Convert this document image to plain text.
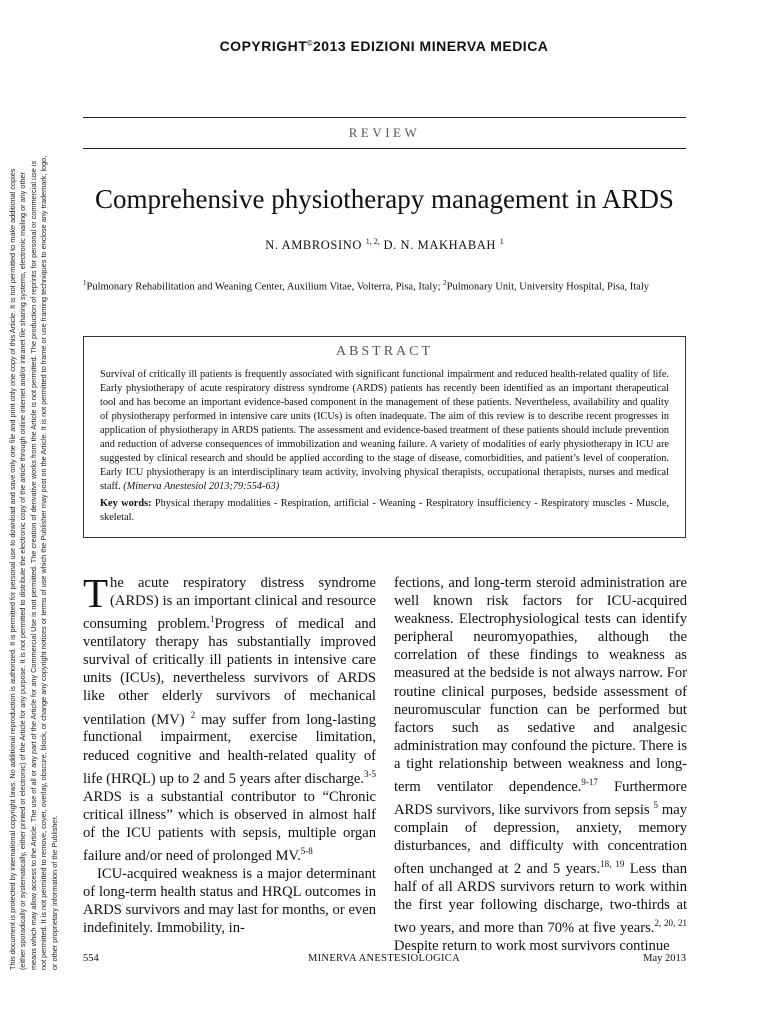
COPYRIGHT©2013 EDIZIONI MINERVA MEDICA
This document is protected by international copyright laws. No additional reproduction is authorized. It is permitted for personal use to download and save only one file and print only one copy of this Article. It is not permitted to make additional copies (either sporadically or systematically, either printed or electronic) of the Article for any purpose. It is not permitted to distribute the electronic copy of the article through online internet and/or intranet file sharing systems, electronic mailing or any other means which may allow access to the Article. The use of all or any part of the Article for any Commercial Use is not permitted. The creation of derivative works from the Article is not permitted. The production of reprints for personal or commercial use is not permitted. It is not permitted to remove, cover, overlay, obscure, block, or change any copyright notices or terms of use which the Publisher may post on the Article. It is not permitted to frame or use framing techniques to enclose any trademark, logo, or other proprietary information of the Publisher.
REVIEW
Comprehensive physiotherapy management in ARDS
N. AMBROSINO $^{1, 2,}$ D. N. MAKHABAH $^1$
$^1$Pulmonary Rehabilitation and Weaning Center, Auxilium Vitae, Volterra, Pisa, Italy; $^2$Pulmonary Unit, University Hospital, Pisa, Italy
ABSTRACT

Survival of critically ill patients is frequently associated with significant functional impairment and reduced health-related quality of life. Early physiotherapy of acute respiratory distress syndrome (ARDS) patients has recently been identified as an important therapeutical tool and has become an important evidence-based component in the management of these patients. Nevertheless, availability and quality of physiotherapy performed in intensive care units (ICUs) is often inadequate. The aim of this review is to describe recent progresses in application of physiotherapy in ARDS patients. The assessment and evidence-based treatment of these patients should include prevention and reduction of adverse consequences of immobilization and weaning failure. A variety of modalities of early physiotherapy in ICU are suggested by clinical research and should be applied according to the stage of disease, comorbidities, and patient’s level of cooperation. Early ICU physiotherapy is an interdisciplinary team activity, involving physical therapists, occupational therapists, nurses and medical staff. (Minerva Anestesiol 2013;79:554-63)

Key words: Physical therapy modalities - Respiration, artificial - Weaning - Respiratory insufficiency - Respiratory muscles - Muscle, skeletal.

The acute respiratory distress syndrome (ARDS) is an important clinical and resource consuming problem.$^1$Progress of medical and ventilatory therapy has substantially improved survival of critically ill patients in intensive care units (ICUs), nevertheless survivors of ARDS like other elderly survivors of mechanical ventilation (MV) $^2$ may suffer from long-lasting functional impairment, exercise limitation, reduced cognitive and health-related quality of life (HRQL) up to 2 and 5 years after discharge.$^{3-5}$ ARDS is a substantial contributor to “Chronic critical illness” which is observed in almost half of the ICU patients with sepsis, multiple organ failure and/or need of prolonged MV.$^{5-8}$

ICU-acquired weakness is a major determinant of long-term health status and HRQL outcomes in ARDS survivors and may last for months, or even indefinitely. Immobility, in-

fections, and long-term steroid administration are well known risk factors for ICU-acquired weakness. Electrophysiological tests can identify peripheral neuromyopathies, although the correlation of these findings to weakness as measured at the bedside is not always narrow. For routine clinical purposes, bedside assessment of neuromuscular function can be performed but factors such as sedative and analgesic administration may confound the picture. There is a tight relationship between weakness and long-term ventilator dependence.$^{9-17}$ Furthermore ARDS survivors, like survivors from sepsis $^5$ may complain of depression, anxiety, memory disturbances, and difficulty with concentration often unchanged at 2 and 5 years.$^{18, 19}$ Less than half of all ARDS survivors return to work within the first year following discharge, two-thirds at two years, and more than 70% at five years.$^{2, 20, 21}$ Despite return to work most survivors continue

554	MINERVA ANESTESIOLOGICA	May 2013
